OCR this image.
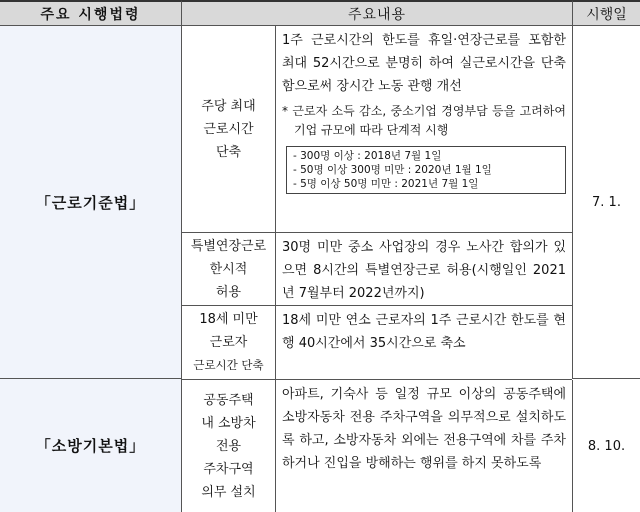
주요 시행법령	주요내용	시행일
「근로기준법」
주당 최대
근로시간
단축
1주 근로시간의 한도를 휴일‧연장근로를 포함한 최대 52시간으로 분명히 하여 실근로시간을 단축함으로써 장시간 노동 관행 개선
* 근로자 소득 감소, 중소기업 경영부담 등을 고려하여 기업 규모에 따라 단계적 시행
- 300명 이상 : 2018년 7월 1일
- 50명 이상 300명 미만 : 2020년 1월 1일
- 5명 이상 50명 미만 : 2021년 7월 1일
특별연장근로
한시적
허용
30명 미만 중소 사업장의 경우 노사간 합의가 있으면 8시간의 특별연장근로 허용(시행일인 2021년 7월부터 2022년까지)
18세 미만
근로자
근로시간 단축
18세 미만 연소 근로자의 1주 근로시간 한도를 현행 40시간에서 35시간으로 축소
7. 1.
「소방기본법」
공동주택
내 소방차
전용
주차구역
의무 설치
아파트, 기숙사 등 일정 규모 이상의 공동주택에 소방자동차 전용 주차구역을 의무적으로 설치하도록 하고, 소방자동차 외에는 전용구역에 차를 주차하거나 진입을 방해하는 행위를 하지 못하도록
8. 10.
